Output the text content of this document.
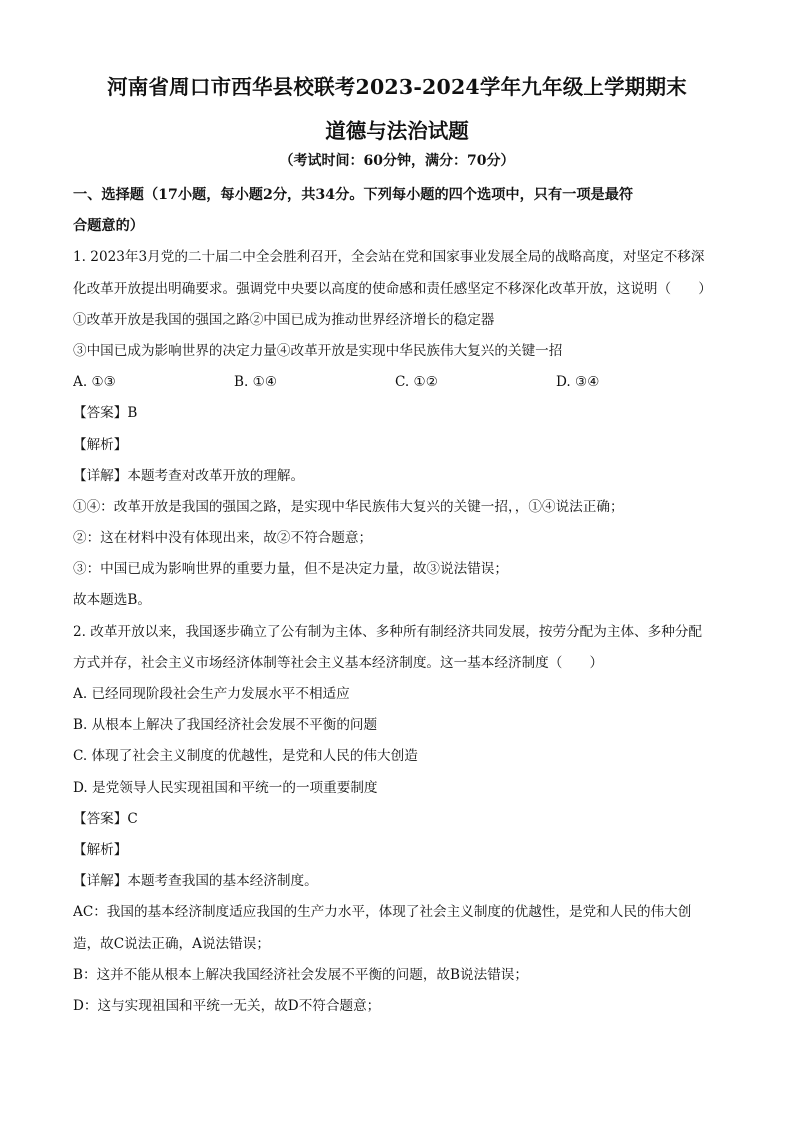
河南省周口市西华县校联考2023-2024学年九年级上学期期末
道德与法治试题
（考试时间：60分钟，满分：70分）
一、选择题（17小题，每小题2分，共34分。下列每小题的四个选项中，只有一项是最符
合题意的）
1. 2023年3月党的二十届二中全会胜利召开，全会站在党和国家事业发展全局的战略高度，对坚定不移深
化改革开放提出明确要求。强调党中央要以高度的使命感和责任感坚定不移深化改革开放，这说明（　　）
①改革开放是我国的强国之路②中国已成为推动世界经济增长的稳定器
③中国已成为影响世界的决定力量④改革开放是实现中华民族伟大复兴的关键一招
A. ①③	B. ①④	C. ①②	D. ③④
【答案】B
【解析】
【详解】本题考查对改革开放的理解。
①④：改革开放是我国的强国之路，是实现中华民族伟大复兴的关键一招，，①④说法正确；
②：这在材料中没有体现出来，故②不符合题意；
③：中国已成为影响世界的重要力量，但不是决定力量，故③说法错误；
故本题选B。
2. 改革开放以来，我国逐步确立了公有制为主体、多种所有制经济共同发展，按劳分配为主体、多种分配
方式并存，社会主义市场经济体制等社会主义基本经济制度。这一基本经济制度（　　）
A. 已经同现阶段社会生产力发展水平不相适应
B. 从根本上解决了我国经济社会发展不平衡的问题
C. 体现了社会主义制度的优越性，是党和人民的伟大创造
D. 是党领导人民实现祖国和平统一的一项重要制度
【答案】C
【解析】
【详解】本题考查我国的基本经济制度。
AC：我国的基本经济制度适应我国的生产力水平，体现了社会主义制度的优越性，是党和人民的伟大创
造，故C说法正确，A说法错误；
B：这并不能从根本上解决我国经济社会发展不平衡的问题，故B说法错误；
D：这与实现祖国和平统一无关，故D不符合题意；
